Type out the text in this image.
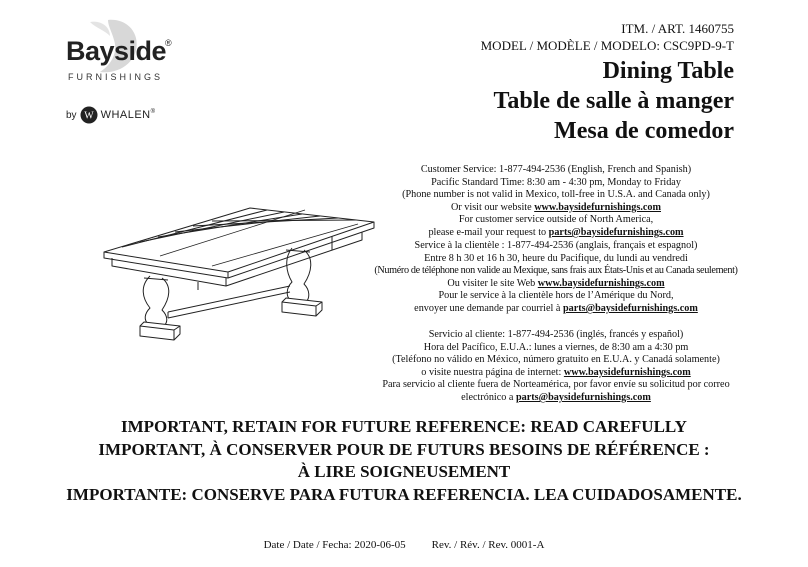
Bayside
®
FURNISHINGS
by W WHALEN®
ITM. / ART. 1460755
MODEL / MODÈLE / MODELO: CSC9PD-9-T
Dining Table
Table de salle à manger
Mesa de comedor
Customer Service: 1-877-494-2536 (English, French and Spanish)
Pacific Standard Time: 8:30 am - 4:30 pm, Monday to Friday
(Phone number is not valid in Mexico, toll-free in U.S.A. and Canada only)
Or visit our website www.baysidefurnishings.com
For customer service outside of North America,
please e-mail your request to parts@baysidefurnishings.com
Service à la clientèle : 1-877-494-2536 (anglais, français et espagnol)
Entre 8 h 30 et 16 h 30, heure du Pacifique, du lundi au vendredi
(Numéro de téléphone non valide au Mexique, sans frais aux États-Unis et au Canada seulement)
Ou visiter le site Web www.baysidefurnishings.com
Pour le service à la clientèle hors de l’Amérique du Nord,
envoyer une demande par courriel à parts@baysidefurnishings.com
Servicio al cliente: 1-877-494-2536 (inglés, francés y español)
Hora del Pacífico, E.U.A.: lunes a viernes, de 8:30 am a 4:30 pm
(Teléfono no válido en México, número gratuito en E.U.A. y Canadá solamente)
o visite nuestra página de internet: www.baysidefurnishings.com
Para servicio al cliente fuera de Norteamérica, por favor envíe su solicitud por correo
electrónico a parts@baysidefurnishings.com
IMPORTANT, RETAIN FOR FUTURE REFERENCE: READ CAREFULLY
IMPORTANT, À CONSERVER POUR DE FUTURS BESOINS DE RÉFÉRENCE :
À LIRE SOIGNEUSEMENT
IMPORTANTE: CONSERVE PARA FUTURA REFERENCIA. LEA CUIDADOSAMENTE.
Date / Date / Fecha: 2020-06-05 Rev. / Rév. / Rev. 0001-A
